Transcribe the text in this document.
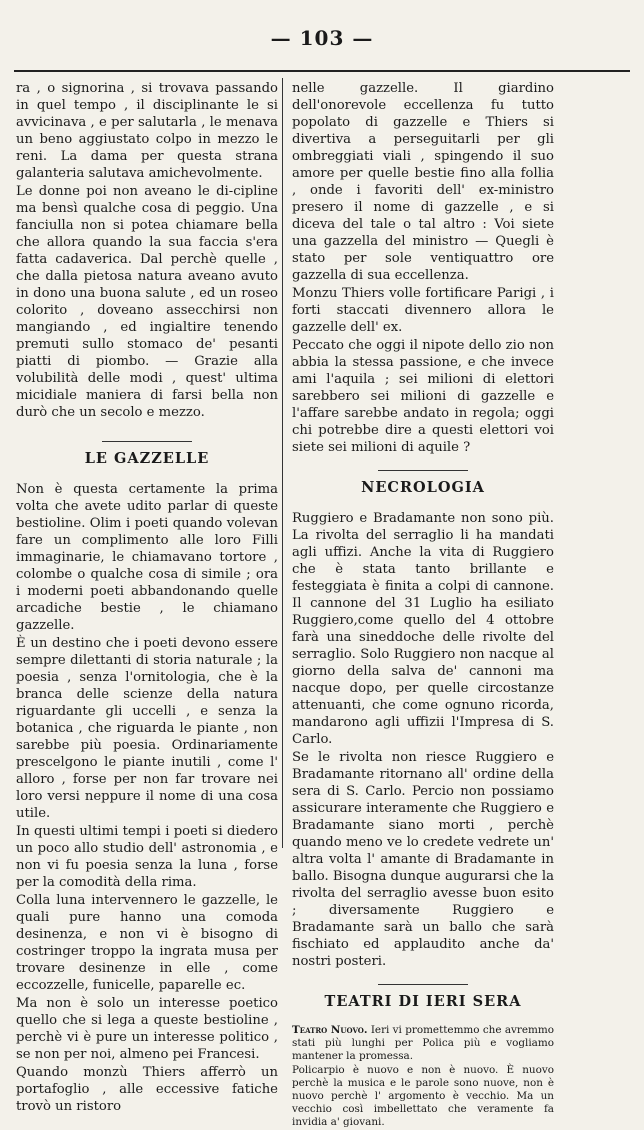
— 103 —

ra , o signorina , si trovava passando in quel tempo , il disciplinante le si avvicinava , e per salutarla , le menava un beno aggiustato colpo in mezzo le reni. La dama per questa strana galanteria salutava amichevolmente.

Le donne poi non aveano le di-cipline ma bensì qualche cosa di peggio. Una fanciulla non si potea chiamare bella che allora quando la sua faccia s'era fatta cadaverica. Dal perchè quelle , che dalla pietosa natura aveano avuto in dono una buona salute , ed un roseo colorito , doveano assecchirsi non mangiando , ed ingialtire tenendo premuti sullo stomaco de' pesanti piatti di piombo. — Grazie alla volubilità delle modi , quest' ultima micidiale maniera di farsi bella non durò che un secolo e mezzo.

LE GAZZELLE

Non è questa certamente la prima volta che avete udito parlar di queste bestioline. Olim i poeti quando volevan fare un complimento alle loro Filli immaginarie, le chiamavano tortore , colombe o qualche cosa di simile ; ora i moderni poeti abbandonando quelle arcadiche bestie , le chiamano gazzelle.

È un destino che i poeti devono essere sempre dilettanti di storia naturale ; la poesia , senza l'ornitologia, che è la branca delle scienze della natura riguardante gli uccelli , e senza la botanica , che riguarda le piante , non sarebbe più poesia. Ordinariamente prescelgono le piante inutili , come l' alloro , forse per non far trovare nei loro versi neppure il nome di una cosa utile.

In questi ultimi tempi i poeti si diedero un poco allo studio dell' astronomia , e non vi fu poesia senza la luna , forse per la comodità della rima.

Colla luna intervennero le gazzelle, le quali pure hanno una comoda desinenza, e non vi è bisogno di costringer troppo la ingrata musa per trovare desinenze in elle , come eccozzelle, funicelle, paparelle ec.

Ma non è solo un interesse poetico quello che si lega a queste bestioline , perchè vi è pure un interesse politico , se non per noi, almeno pei Francesi.

Quando monzù Thiers afferrò un portafoglio , alle eccessive fatiche trovò un ristoro

nelle gazzelle. Il giardino dell'onorevole eccellenza fu tutto popolato di gazzelle e Thiers si divertiva a perseguitarli per gli ombreggiati viali , spingendo il suo amore per quelle bestie fino alla follia , onde i favoriti dell' ex-ministro presero il nome di gazzelle , e si diceva del tale o tal altro : Voi siete una gazzella del ministro — Quegli è stato per sole ventiquattro ore gazzella di sua eccellenza.

Monzu Thiers volle fortificare Parigi , i forti staccati divennero allora le gazzelle dell' ex.

Peccato che oggi il nipote dello zio non abbia la stessa passione, e che invece ami l'aquila ; sei milioni di elettori sarebbero sei milioni di gazzelle e l'affare sarebbe andato in regola; oggi chi potrebbe dire a questi elettori voi siete sei milioni di aquile ?

NECROLOGIA

Ruggiero e Bradamante non sono più. La rivolta del serraglio li ha mandati agli uffizi. Anche la vita di Ruggiero che è stata tanto brillante e festeggiata è finita a colpi di cannone. Il cannone del 31 Luglio ha esiliato Ruggiero,come quello del 4 ottobre farà una sineddoche delle rivolte del serraglio. Solo Ruggiero non nacque al giorno della salva de' cannoni ma nacque dopo, per quelle circostanze attenuanti, che come ognuno ricorda, mandarono agli uffizii l'Impresa di S. Carlo.

Se le rivolta non riesce Ruggiero e Bradamante ritornano all' ordine della sera di S. Carlo. Percio non possiamo assicurare interamente che Ruggiero e Bradamante siano morti , perchè quando meno ve lo credete vedrete un' altra volta l' amante di Bradamante in ballo. Bisogna dunque augurarsi che la rivolta del serraglio avesse buon esito ; diversamente Ruggiero e Bradamante sarà un ballo che sarà fischiato ed applaudito anche da' nostri posteri.

TEATRI DI IERI SERA

Teatro Nuovo. Ieri vi promettemmo che avremmo stati più lunghi per Polica più e vogliamo mantener la promessa.

Policarpio è nuovo e non è nuovo. È nuovo perchè la musica e le parole sono nuove, non è nuovo perchè l' argomento è vecchio. Ma un vecchio così imbellettato che veramente fa invidia a' giovani.
